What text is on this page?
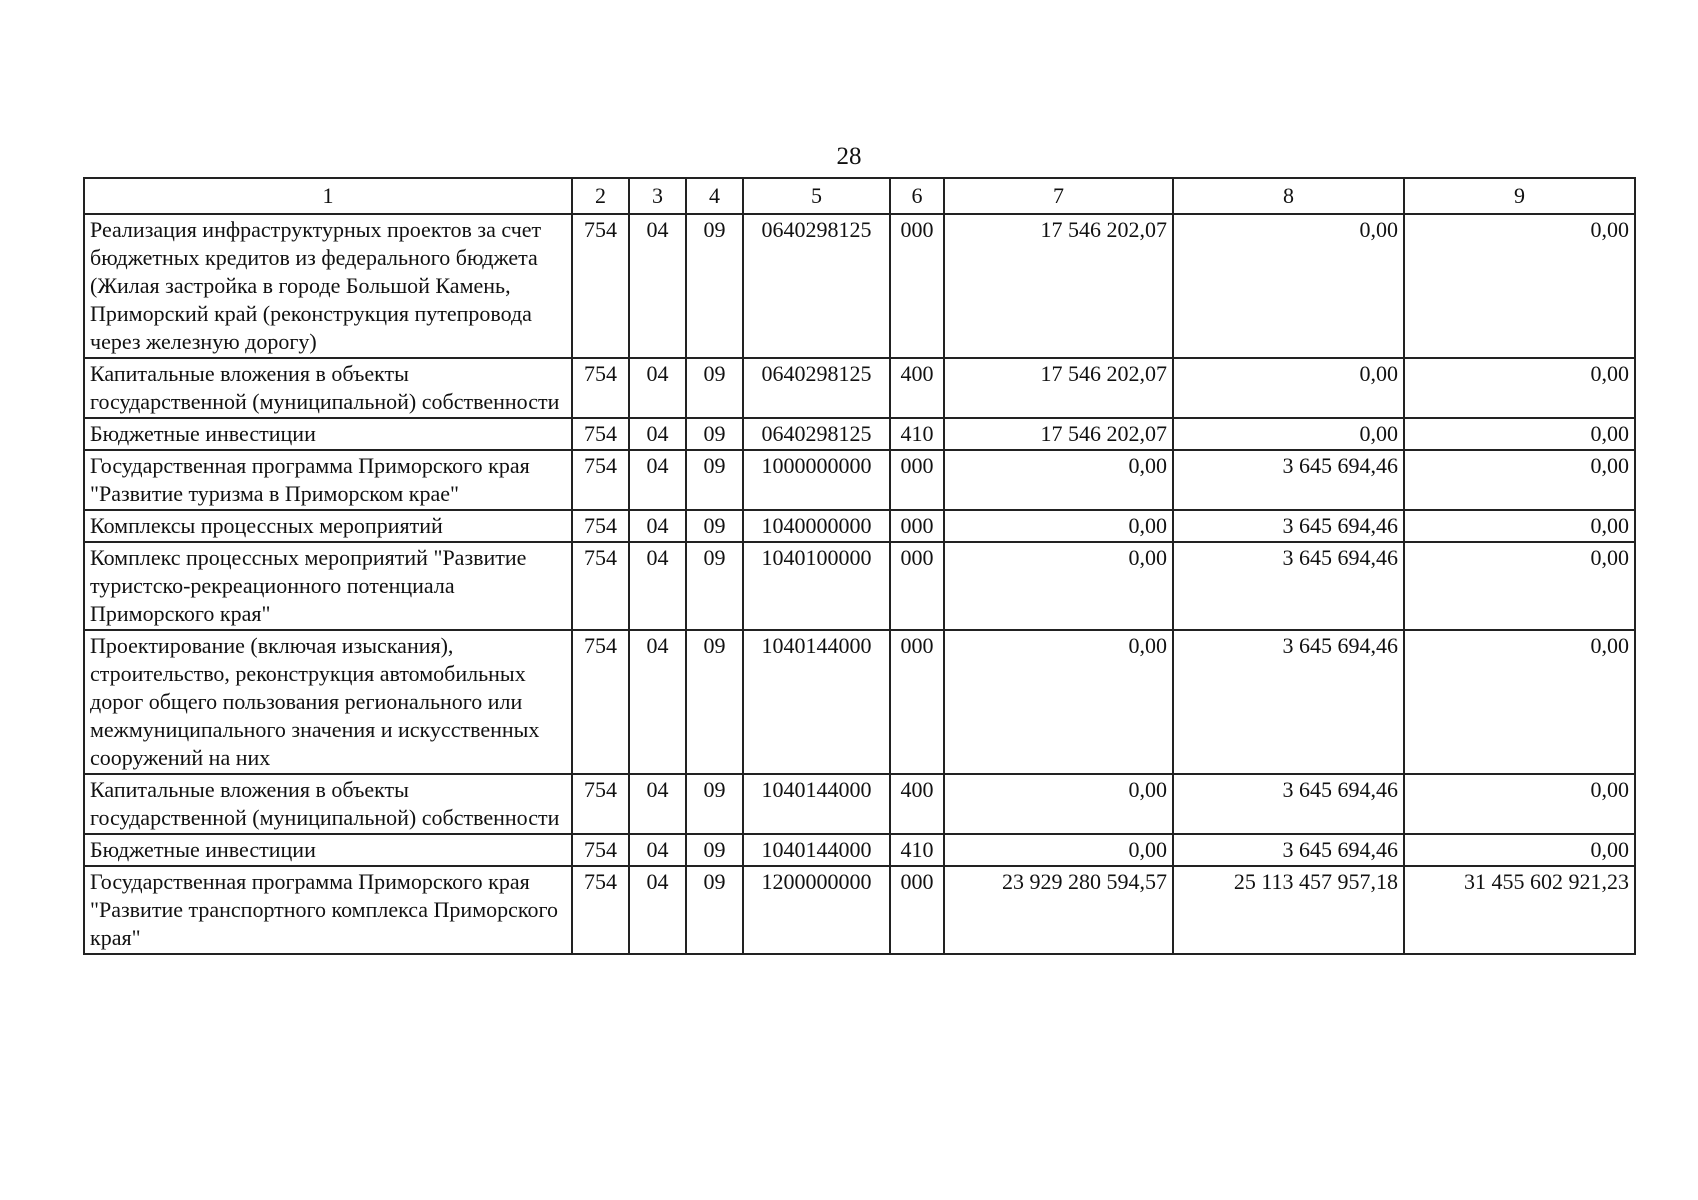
28
1	2	3	4	5	6	7	8	9
Реализация инфраструктурных проектов за счет бюджетных кредитов из федерального бюджета (Жилая застройка в городе Большой Камень, Приморский край (реконструкция путепровода через железную дорогу)	754	04	09	0640298125	000	17 546 202,07	0,00	0,00
Капитальные вложения в объекты государственной (муниципальной) собственности	754	04	09	0640298125	400	17 546 202,07	0,00	0,00
Бюджетные инвестиции	754	04	09	0640298125	410	17 546 202,07	0,00	0,00
Государственная программа Приморского края "Развитие туризма в Приморском крае"	754	04	09	1000000000	000	0,00	3 645 694,46	0,00
Комплексы процессных мероприятий	754	04	09	1040000000	000	0,00	3 645 694,46	0,00
Комплекс процессных мероприятий "Развитие туристско-рекреационного потенциала Приморского края"	754	04	09	1040100000	000	0,00	3 645 694,46	0,00
Проектирование (включая изыскания), строительство, реконструкция автомобильных дорог общего пользования регионального или межмуниципального значения и искусственных сооружений на них	754	04	09	1040144000	000	0,00	3 645 694,46	0,00
Капитальные вложения в объекты государственной (муниципальной) собственности	754	04	09	1040144000	400	0,00	3 645 694,46	0,00
Бюджетные инвестиции	754	04	09	1040144000	410	0,00	3 645 694,46	0,00
Государственная программа Приморского края "Развитие транспортного комплекса Приморского края"	754	04	09	1200000000	000	23 929 280 594,57	25 113 457 957,18	31 455 602 921,23
